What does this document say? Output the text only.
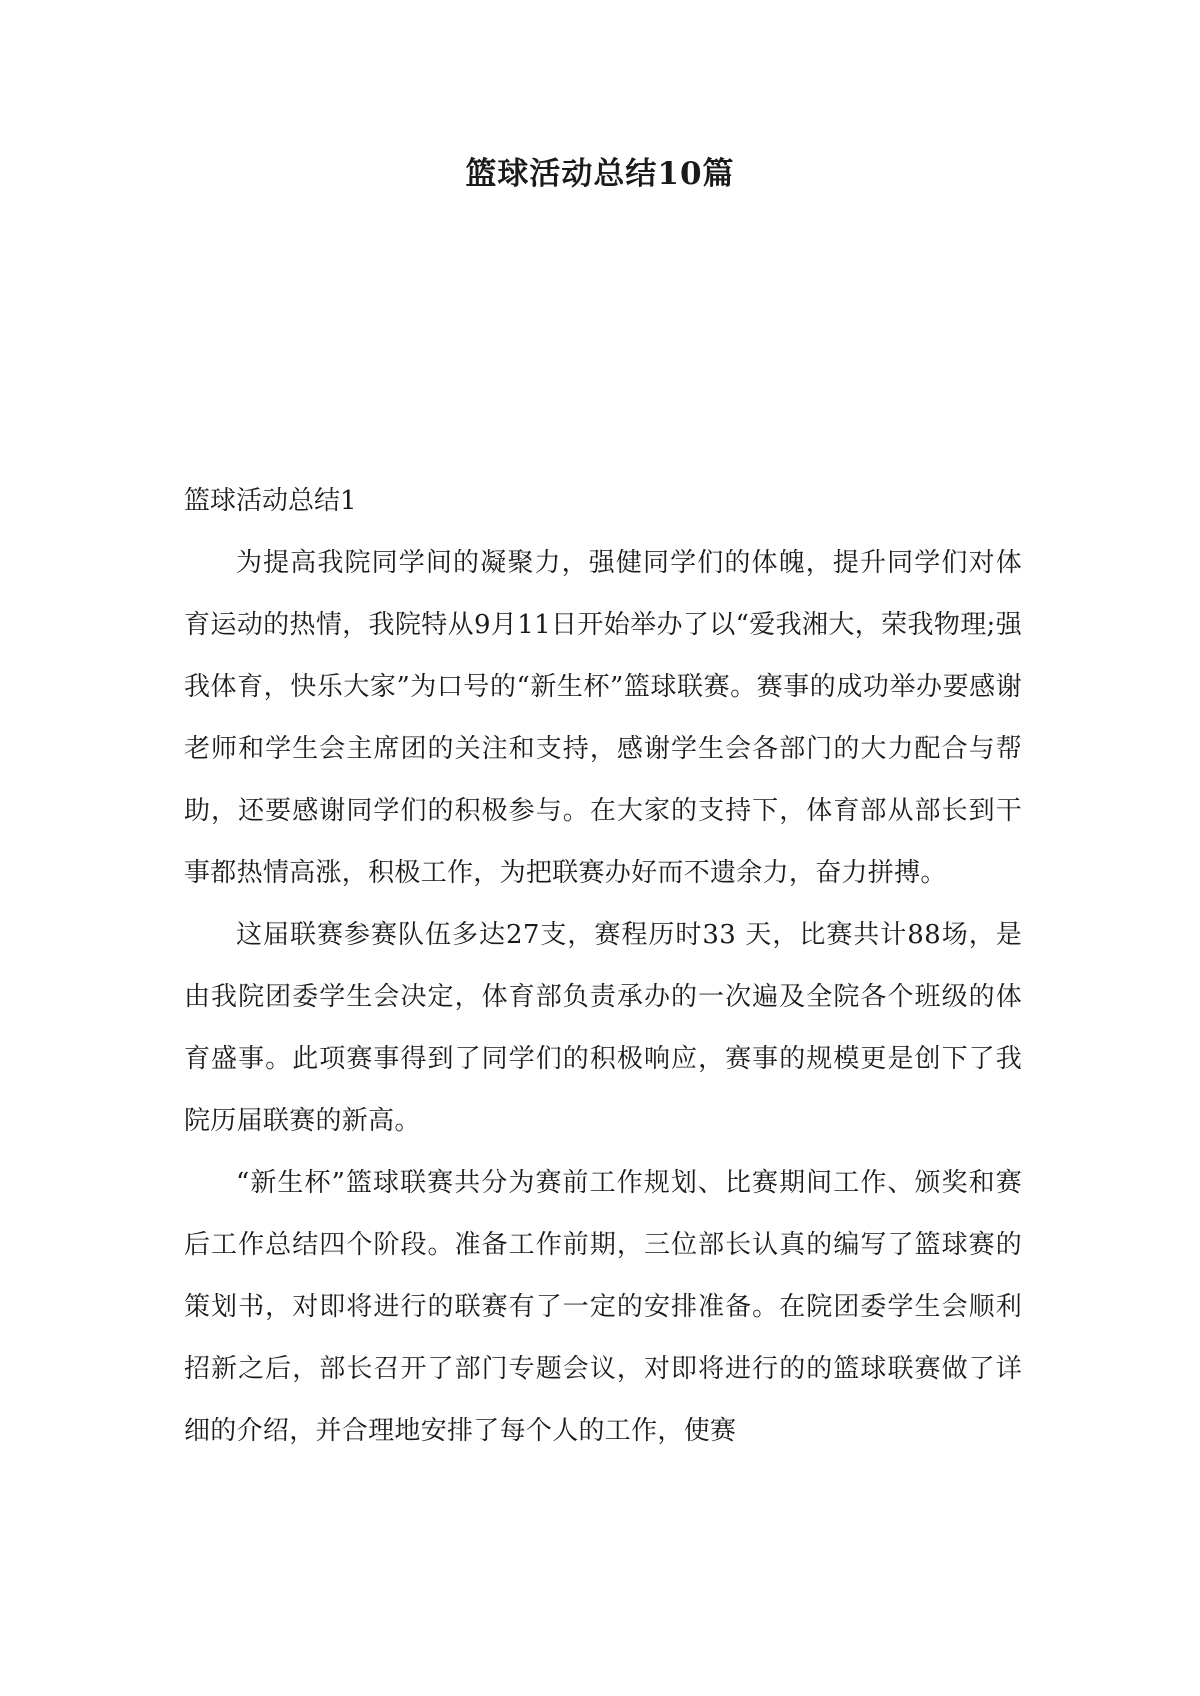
篮球活动总结10篇
篮球活动总结1

为提高我院同学间的凝聚力，强健同学们的体魄，提升同学们对体育运动的热情，我院特从9月11日开始举办了以“爱我湘大，荣我物理;强我体育，快乐大家”为口号的“新生杯”篮球联赛。赛事的成功举办要感谢老师和学生会主席团的关注和支持，感谢学生会各部门的大力配合与帮助，还要感谢同学们的积极参与。在大家的支持下，体育部从部长到干事都热情高涨，积极工作，为把联赛办好而不遗余力，奋力拼搏。

这届联赛参赛队伍多达27支，赛程历时33 天，比赛共计88场，是由我院团委学生会决定，体育部负责承办的一次遍及全院各个班级的体育盛事。此项赛事得到了同学们的积极响应，赛事的规模更是创下了我院历届联赛的新高。

“新生杯”篮球联赛共分为赛前工作规划、比赛期间工作、颁奖和赛后工作总结四个阶段。准备工作前期，三位部长认真的编写了篮球赛的策划书，对即将进行的联赛有了一定的安排准备。在院团委学生会顺利招新之后，部长召开了部门专题会议，对即将进行的的篮球联赛做了详细的介绍，并合理地安排了每个人的工作，使赛
